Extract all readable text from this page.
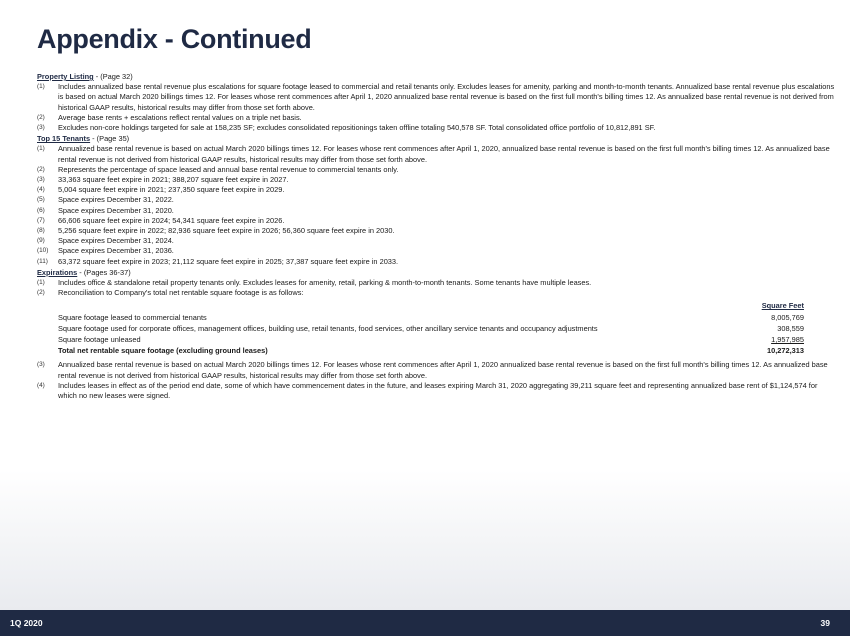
Appendix - Continued
Property Listing - (Page 32)
(1)	Includes annualized base rental revenue plus escalations for square footage leased to commercial and retail tenants only. Excludes leases for amenity, parking and month-to-month tenants. Annualized base rental revenue plus escalations is based on actual March 2020 billings times 12. For leases whose rent commences after April 1, 2020 annualized base rental revenue is based on the first full month's billing times 12. As annualized base rental revenue is not derived from historical GAAP results, historical results may differ from those set forth above.
(2)	Average base rents + escalations reflect rental values on a triple net basis.
(3)	Excludes non-core holdings targeted for sale at 158,235 SF; excludes consolidated repositionings taken offline totaling 540,578 SF. Total consolidated office portfolio of 10,812,891 SF.
Top 15 Tenants - (Page 35)
(1)	Annualized base rental revenue is based on actual March 2020 billings times 12. For leases whose rent commences after April 1, 2020, annualized base rental revenue is based on the first full month's billing times 12. As annualized base rental revenue is not derived from historical GAAP results, historical results may differ from those set forth above.
(2)	Represents the percentage of space leased and annual base rental revenue to commercial tenants only.
(3)	33,363 square feet expire in 2021; 388,207 square feet expire in 2027.
(4)	5,004 square feet expire in 2021; 237,350 square feet expire in 2029.
(5)	Space expires December 31, 2022.
(6)	Space expires December 31, 2020.
(7)	66,606 square feet expire in 2024; 54,341 square feet expire in 2026.
(8)	5,256 square feet expire in 2022; 82,936 square feet expire in 2026; 56,360 square feet expire in 2030.
(9)	Space expires December 31, 2024.
(10)	Space expires December 31, 2036.
(11)	63,372 square feet expire in 2023; 21,112 square feet expire in 2025; 37,387 square feet expire in 2033.
Expirations - (Pages 36-37)
(1)	Includes office & standalone retail property tenants only. Excludes leases for amenity, retail, parking & month-to-month tenants. Some tenants have multiple leases.
(2)	Reconciliation to Company's total net rentable square footage is as follows:
Square Feet
Square footage leased to commercial tenants	8,005,769
Square footage used for corporate offices, management offices, building use, retail tenants, food services, other ancillary service tenants and occupancy adjustments	308,559
Square footage unleased	1,957,985
Total net rentable square footage (excluding ground leases)	10,272,313
(3)	Annualized base rental revenue is based on actual March 2020 billings times 12. For leases whose rent commences after April 1, 2020 annualized base rental revenue is based on the first full month's billing times 12. As annualized base rental revenue is not derived from historical GAAP results, historical results may differ from those set forth above.
(4)	Includes leases in effect as of the period end date, some of which have commencement dates in the future, and leases expiring March 31, 2020 aggregating 39,211 square feet and representing annualized base rent of $1,124,574 for which no new leases were signed.
1Q 2020	39
